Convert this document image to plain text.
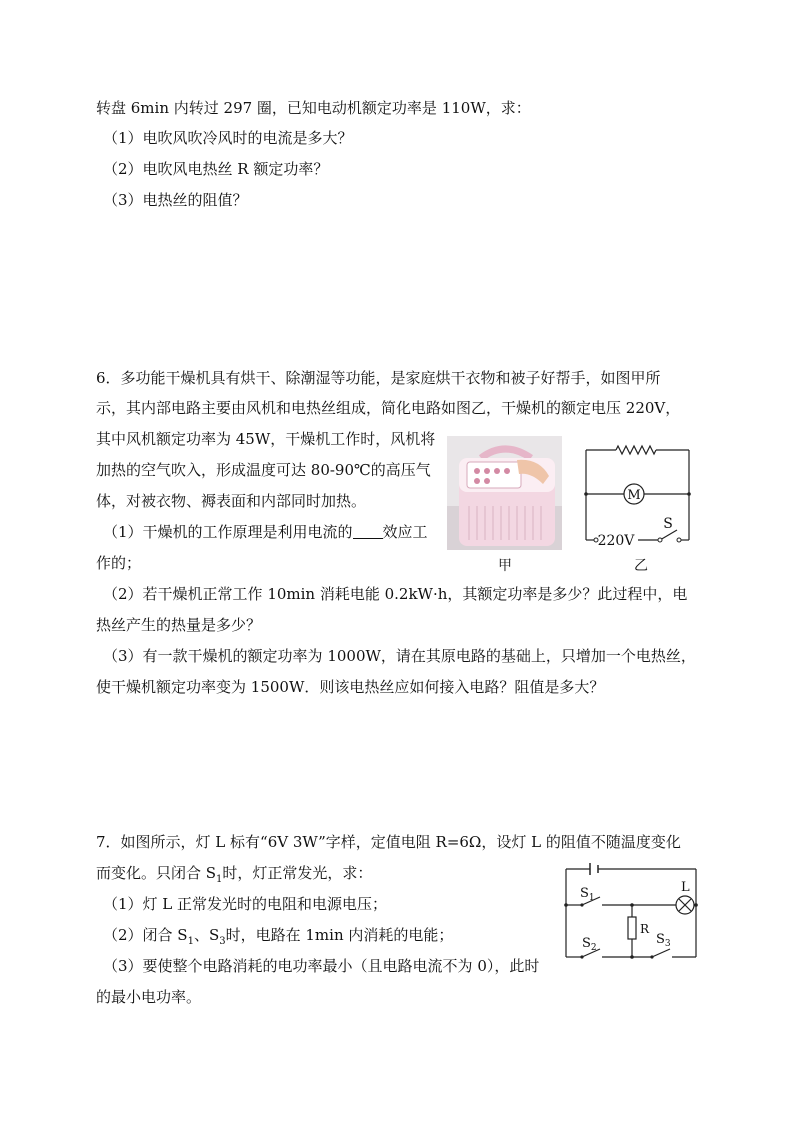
转盘 6min 内转过 297 圈，已知电动机额定功率是 110W，求：
（1）电吹风吹冷风时的电流是多大？
（2）电吹风电热丝 R 额定功率？
（3）电热丝的阻值？
6．多功能干燥机具有烘干、除潮湿等功能，是家庭烘干衣物和被子好帮手，如图甲所
示，其内部电路主要由风机和电热丝组成，简化电路如图乙，干燥机的额定电压 220V，
其中风机额定功率为 45W，干燥机工作时，风机将
加热的空气吹入，形成温度可达 80-90℃的高压气
体，对被衣物、褥表面和内部同时加热。
（1）干燥机的工作原理是利用电流的 效应工
作的；	甲
M
220V
S
乙
（2）若干燥机正常工作 10min 消耗电能 0.2kW·h，其额定功率是多少？此过程中，电
热丝产生的热量是多少？
（3）有一款干燥机的额定功率为 1000W，请在其原电路的基础上，只增加一个电热丝，
使干燥机额定功率变为 1500W．则该电热丝应如何接入电路？阻值是多大？
7．如图所示，灯 L 标有“6V 3W”字样，定值电阻 R=6Ω，设灯 L 的阻值不随温度变化
而变化。只闭合 $S_1$时，灯正常发光，求：
（1）灯 L 正常发光时的电阻和电源电压；
（2）闭合 $S_1$、$S_3$时，电路在 1min 内消耗的电能；
（3）要使整个电路消耗的电功率最小（且电路电流不为 0），此时
的最小电功率。
$S_1$
L
R
$S_2$
$S_3$
